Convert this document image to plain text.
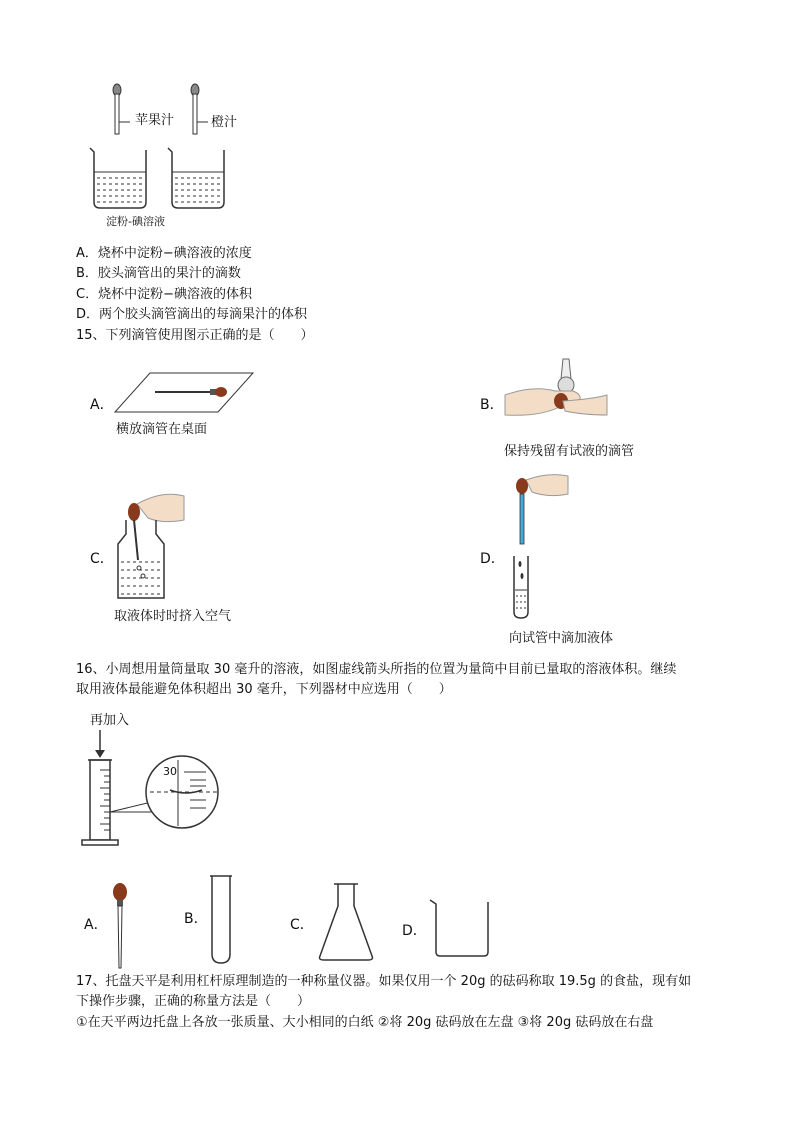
苹果汁	橙汁
淀粉-碘溶液
A．烧杯中淀粉−碘溶液的浓度
B．胶头滴管出的果汁的滴数
C．烧杯中淀粉−碘溶液的体积
D．两个胶头滴管滴出的每滴果汁的体积
15、下列滴管使用图示正确的是（　　）
A．
横放滴管在桌面
B．
保持残留有试液的滴管
C．
取液体时时挤入空气
D．
向试管中滴加液体
16、小周想用量筒量取 30 毫升的溶液，如图虚线箭头所指的位置为量筒中目前已量取的溶液体积。继续
取用液体最能避免体积超出 30 毫升，下列器材中应选用（　　）
再加入
30
A．	B．	C．	D．
17、托盘天平是利用杠杆原理制造的一种称量仪器。如果仅用一个 20g 的砝码称取 19.5g 的食盐，现有如
下操作步骤，正确的称量方法是（　　）
①在天平两边托盘上各放一张质量、大小相同的白纸 ②将 20g 砝码放在左盘 ③将 20g 砝码放在右盘
